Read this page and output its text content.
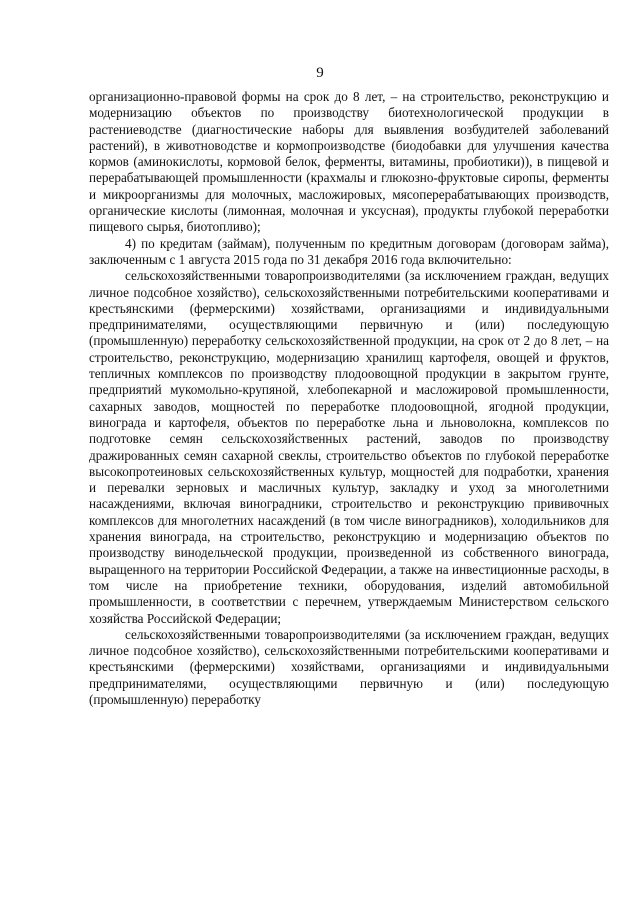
9

организационно-правовой формы на срок до 8 лет, – на строительство, реконструкцию и модернизацию объектов по производству биотехнологической продукции в растениеводстве (диагностические наборы для выявления возбудителей заболеваний растений), в животноводстве и кормопроизводстве (биодобавки для улучшения качества кормов (аминокислоты, кормовой белок, ферменты, витамины, пробиотики)), в пищевой и перерабатывающей промышленности (крахмалы и глюкозно-фруктовые сиропы, ферменты и микроорганизмы для молочных, масложировых, мясоперерабатывающих производств, органические кислоты (лимонная, молочная и уксусная), продукты глубокой переработки пищевого сырья, биотопливо);

4) по кредитам (займам), полученным по кредитным договорам (договорам займа), заключенным с 1 августа 2015 года по 31 декабря 2016 года включительно:

сельскохозяйственными товаропроизводителями (за исключением граждан, ведущих личное подсобное хозяйство), сельскохозяйственными потребительскими кооперативами и крестьянскими (фермерскими) хозяйствами, организациями и индивидуальными предпринимателями, осуществляющими первичную и (или) последующую (промышленную) переработку сельскохозяйственной продукции, на срок от 2 до 8 лет, – на строительство, реконструкцию, модернизацию хранилищ картофеля, овощей и фруктов, тепличных комплексов по производству плодоовощной продукции в закрытом грунте, предприятий мукомольно-крупяной, хлебопекарной и масложировой промышленности, сахарных заводов, мощностей по переработке плодоовощной, ягодной продукции, винограда и картофеля, объектов по переработке льна и льноволокна, комплексов по подготовке семян сельскохозяйственных растений, заводов по производству дражированных семян сахарной свеклы, строительство объектов по глубокой переработке высокопротеиновых сельскохозяйственных культур, мощностей для подработки, хранения и перевалки зерновых и масличных культур, закладку и уход за многолетними насаждениями, включая виноградники, строительство и реконструкцию прививочных комплексов для многолетних насаждений (в том числе виноградников), холодильников для хранения винограда, на строительство, реконструкцию и модернизацию объектов по производству винодельческой продукции, произведенной из собственного винограда, выращенного на территории Российской Федерации, а также на инвестиционные расходы, в том числе на приобретение техники, оборудования, изделий автомобильной промышленности, в соответствии с перечнем, утверждаемым Министерством сельского хозяйства Российской Федерации;

сельскохозяйственными товаропроизводителями (за исключением граждан, ведущих личное подсобное хозяйство), сельскохозяйственными потребительскими кооперативами и крестьянскими (фермерскими) хозяйствами, организациями и индивидуальными предпринимателями, осуществляющими первичную и (или) последующую (промышленную) переработку
